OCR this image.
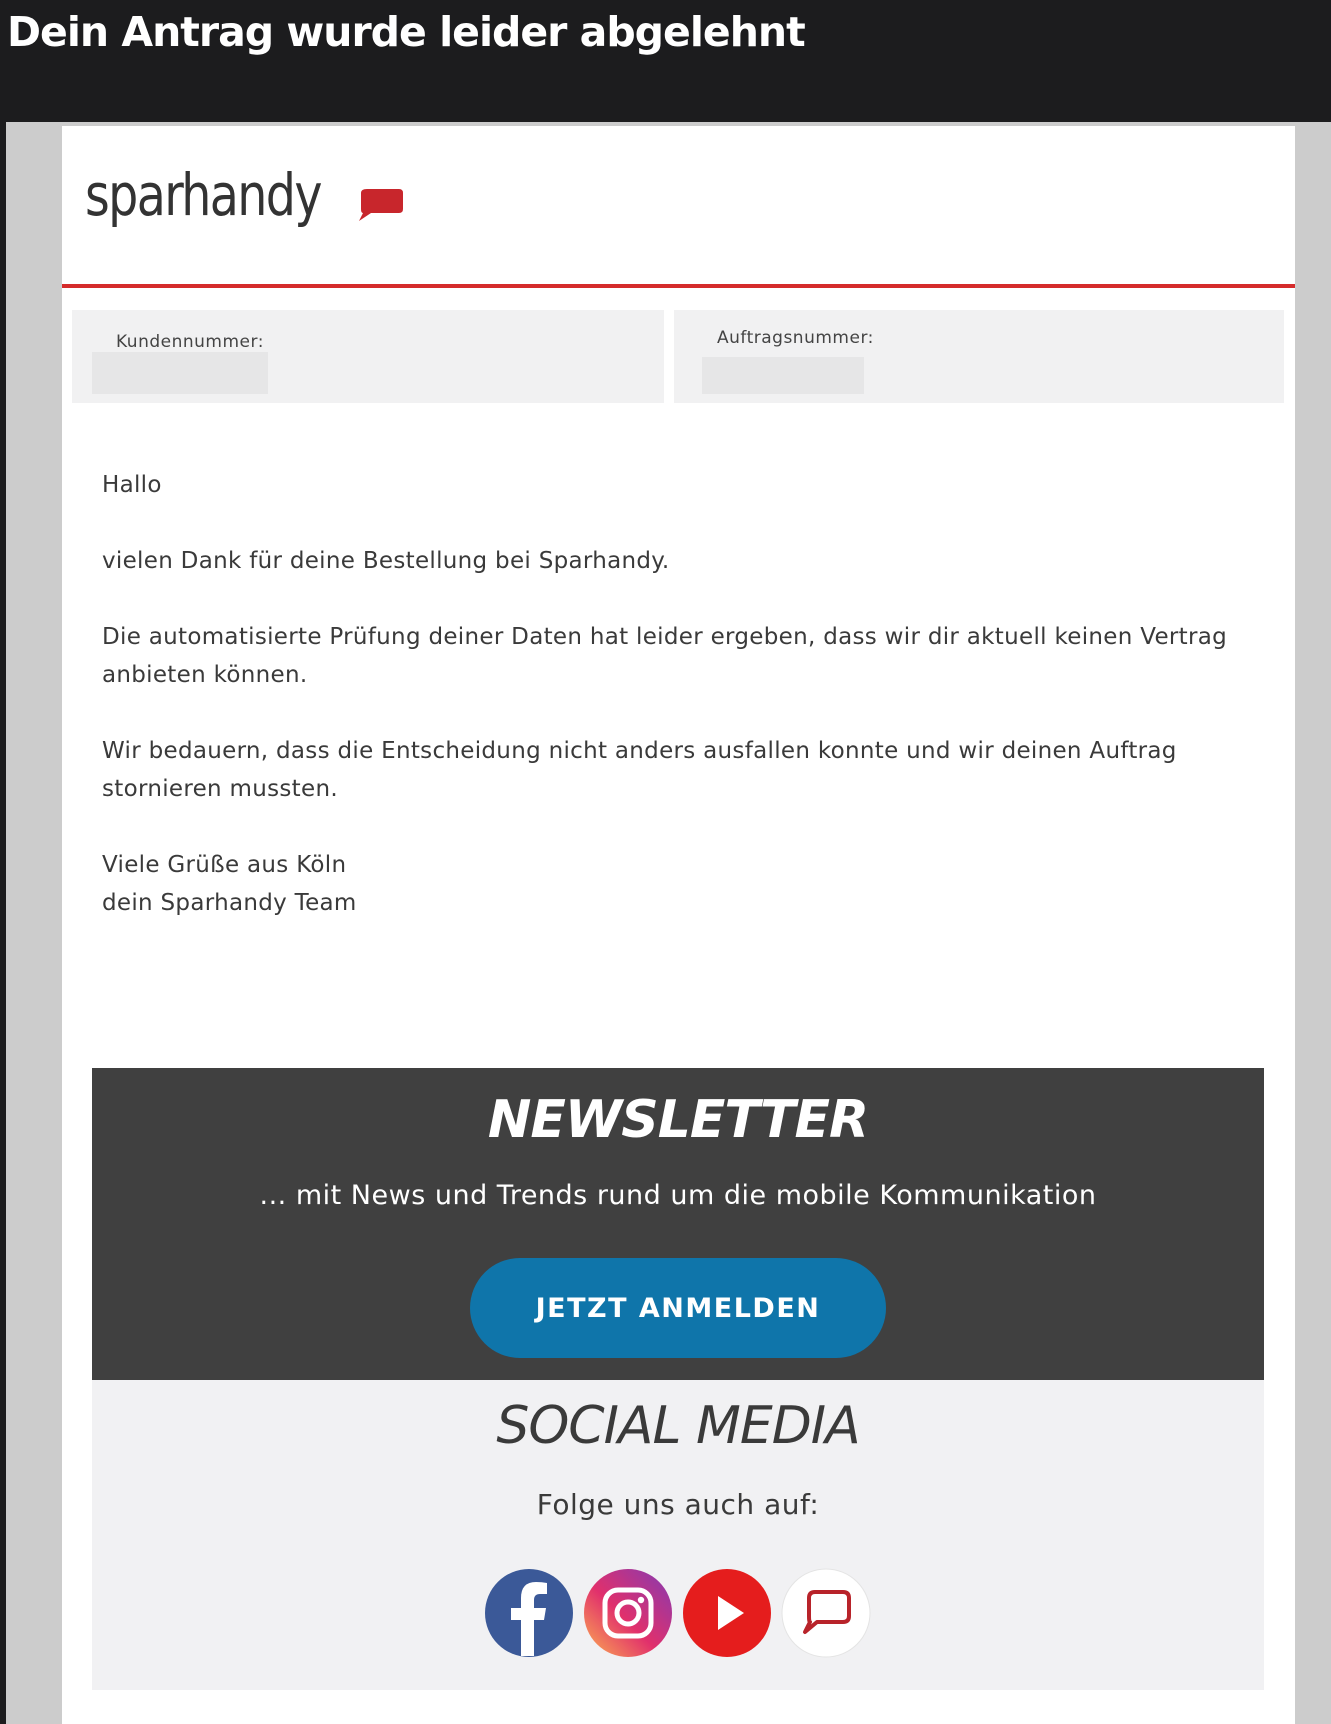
Dein Antrag wurde leider abgelehnt
sparhandy
Kundennummer:	Auftragsnummer:

Hallo

vielen Dank für deine Bestellung bei Sparhandy.

Die automatisierte Prüfung deiner Daten hat leider ergeben, dass wir dir aktuell keinen Vertrag anbieten können.

Wir bedauern, dass die Entscheidung nicht anders ausfallen konnte und wir deinen Auftrag stornieren mussten.

Viele Grüße aus Köln
dein Sparhandy Team

NEWSLETTER
... mit News und Trends rund um die mobile Kommunikation
JETZT ANMELDEN
SOCIAL MEDIA
Folge uns auch auf:
